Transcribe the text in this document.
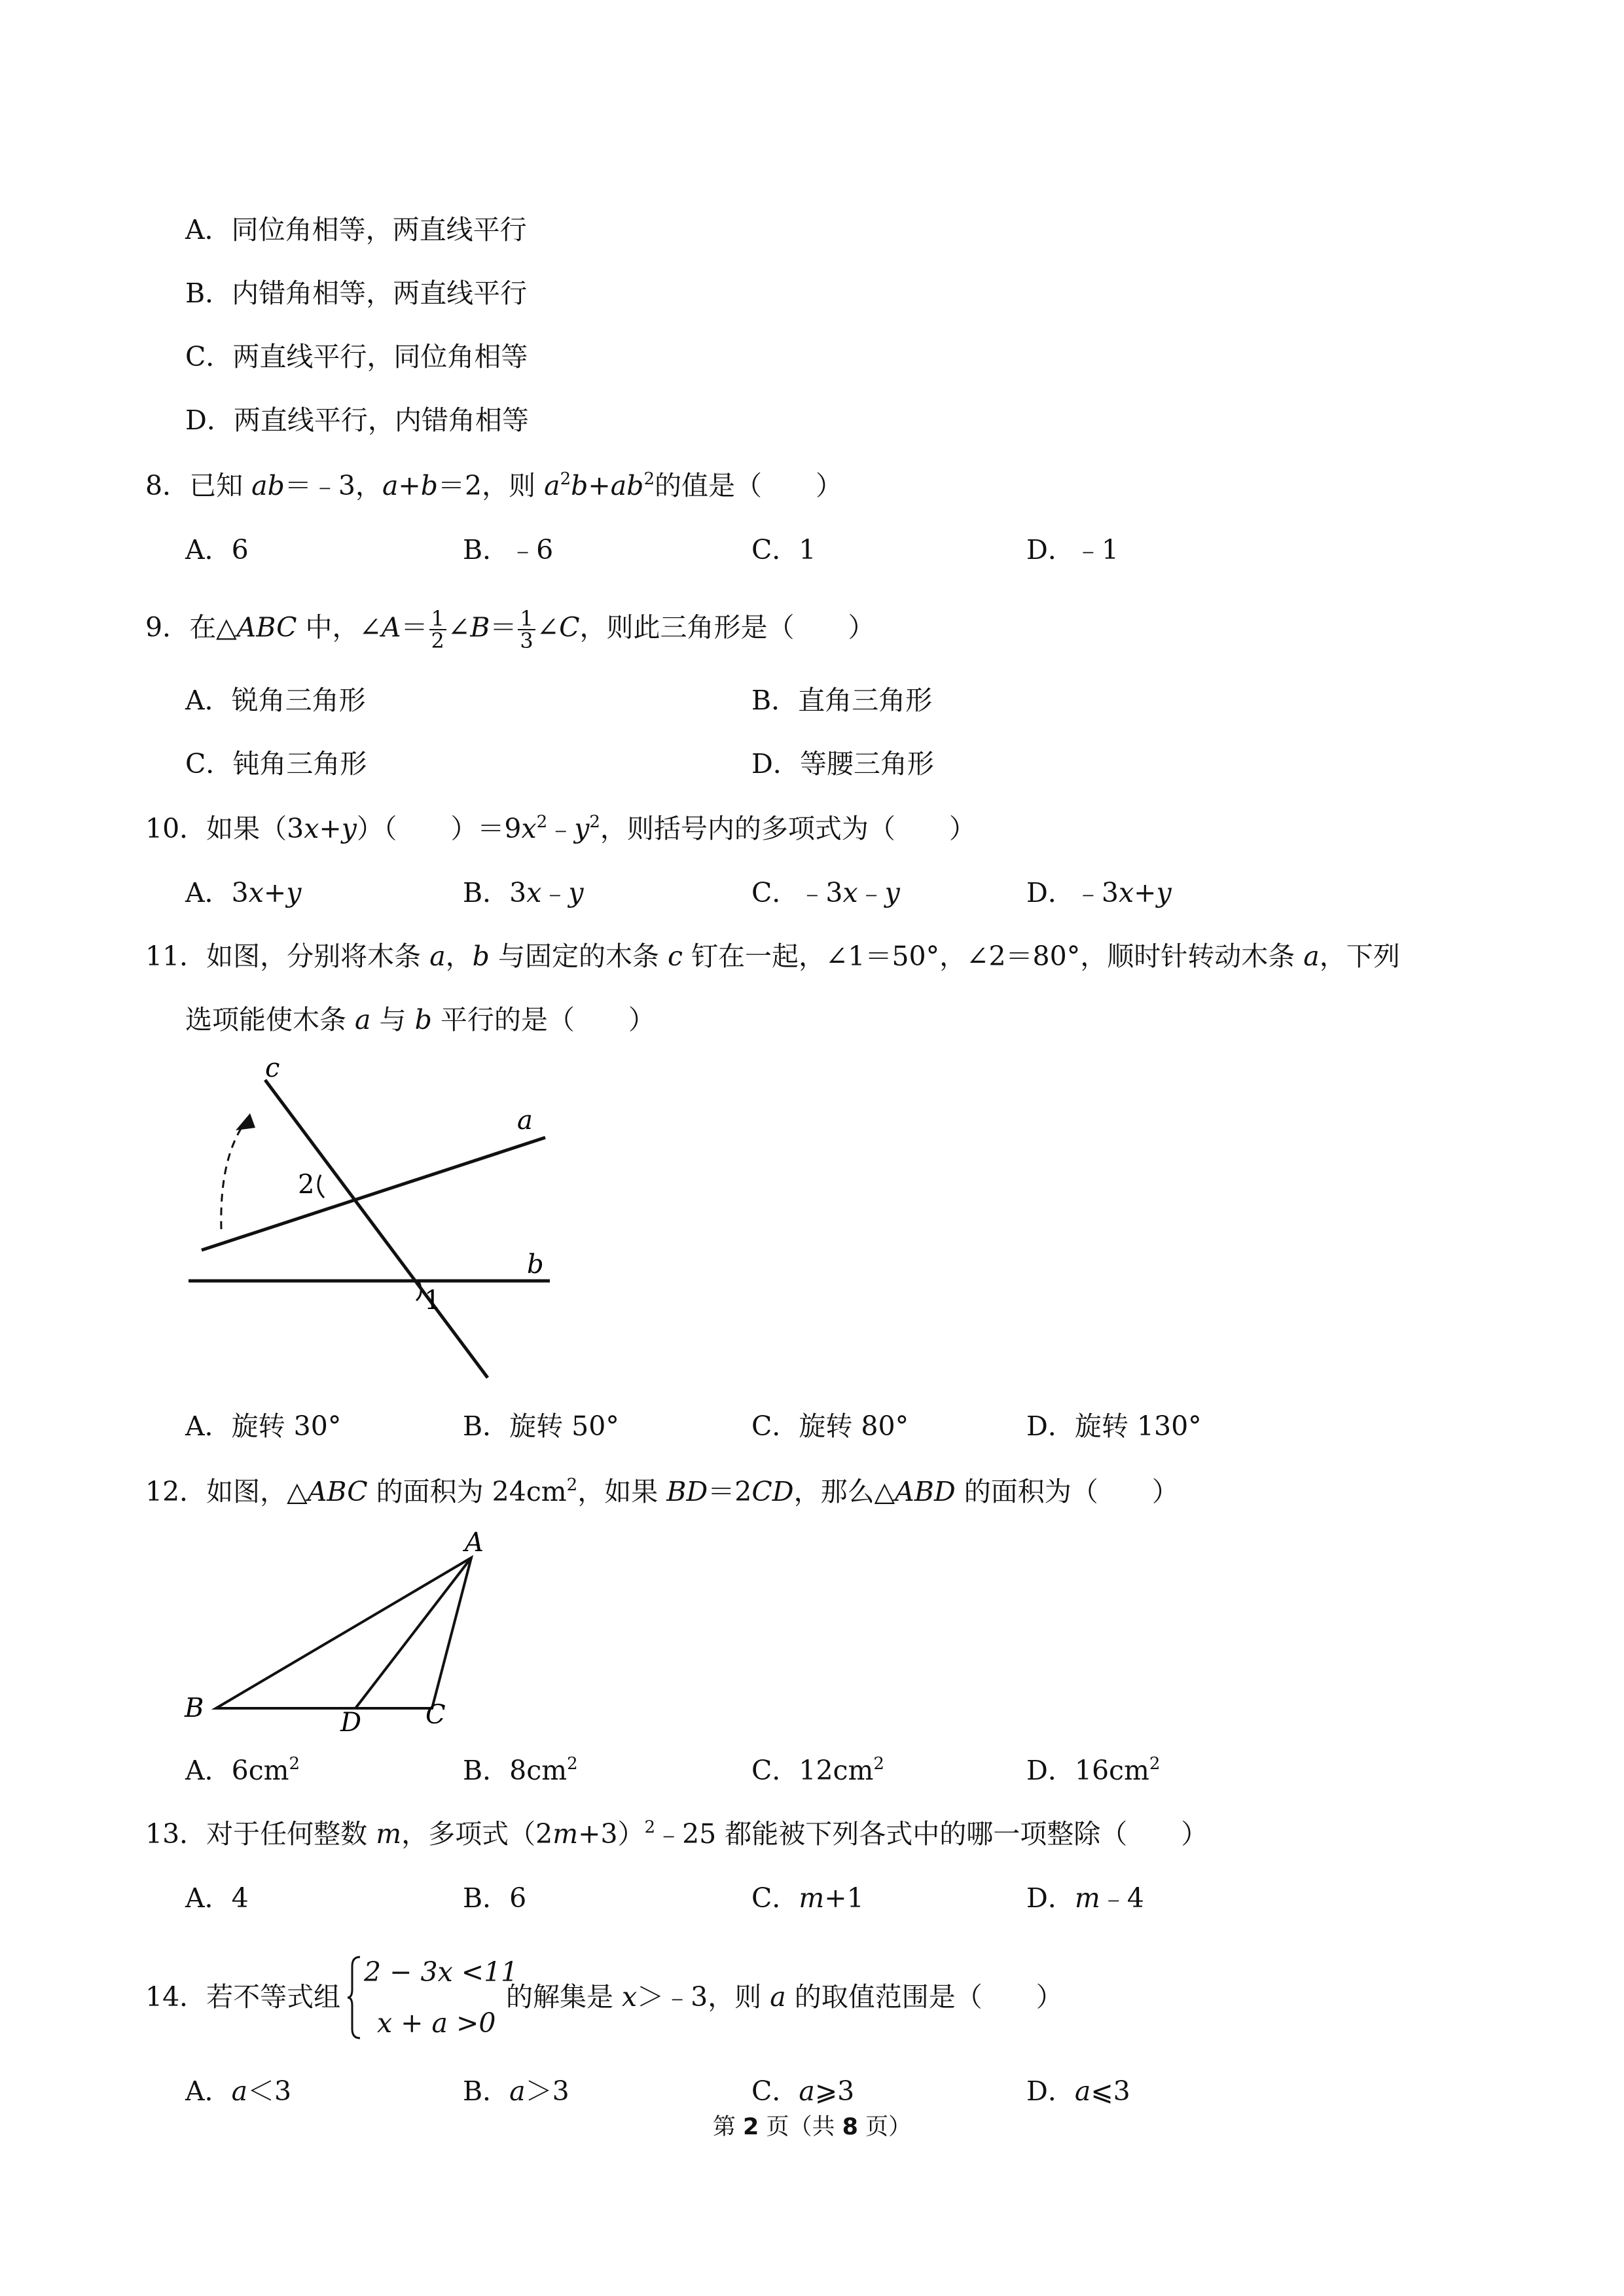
A．同位角相等，两直线平行
B．内错角相等，两直线平行
C．两直线平行，同位角相等
D．两直线平行，内错角相等
8．已知 ab＝﹣3，a+b＝2，则 $a^2b+ab^2$的值是（　　）
A．6	B．﹣6	C．1	D．﹣1
9．在△ABC 中，∠A＝ $\frac{1}{2}$ ∠B＝ $\frac{1}{3}$ ∠C，则此三角形是（　　）
A．锐角三角形	B．直角三角形
C．钝角三角形	D．等腰三角形
10．如果（3x+y）（　　）$=9x^2﹣y^2$，则括号内的多项式为（　　）
A．3x+y	B．3x﹣y	C．﹣3x﹣y	D．﹣3x+y
11．如图，分别将木条 a，b 与固定的木条 c 钉在一起，∠1＝50°，∠2＝80°，顺时针转动木条 a，下列
选项能使木条 a 与 b 平行的是（　　）
c
a
b
2
1
A．旋转 30°	B．旋转 50°	C．旋转 80°	D．旋转 130°
12．如图，△ABC 的面积为 $24cm^2$，如果 BD＝2CD，那么△ABD 的面积为（　　）
A
B	D C
A．$6cm^2$	B．$8cm^2$	C．$12cm^2$	D．$16cm^2$
13．对于任何整数 m，多项式$(2m+3)^2﹣25$ 都能被下列各式中的哪一项整除（　　）
A．4	B．6	C．m+1	D．m﹣4
14．若不等式组
2 − 3x <11
x + a >0
的解集是 x＞﹣3，则 a 的取值范围是（　　）
A．a＜3	B．a＞3	C．a⩾3	D．a⩽3
第 2 页（共 8 页）
